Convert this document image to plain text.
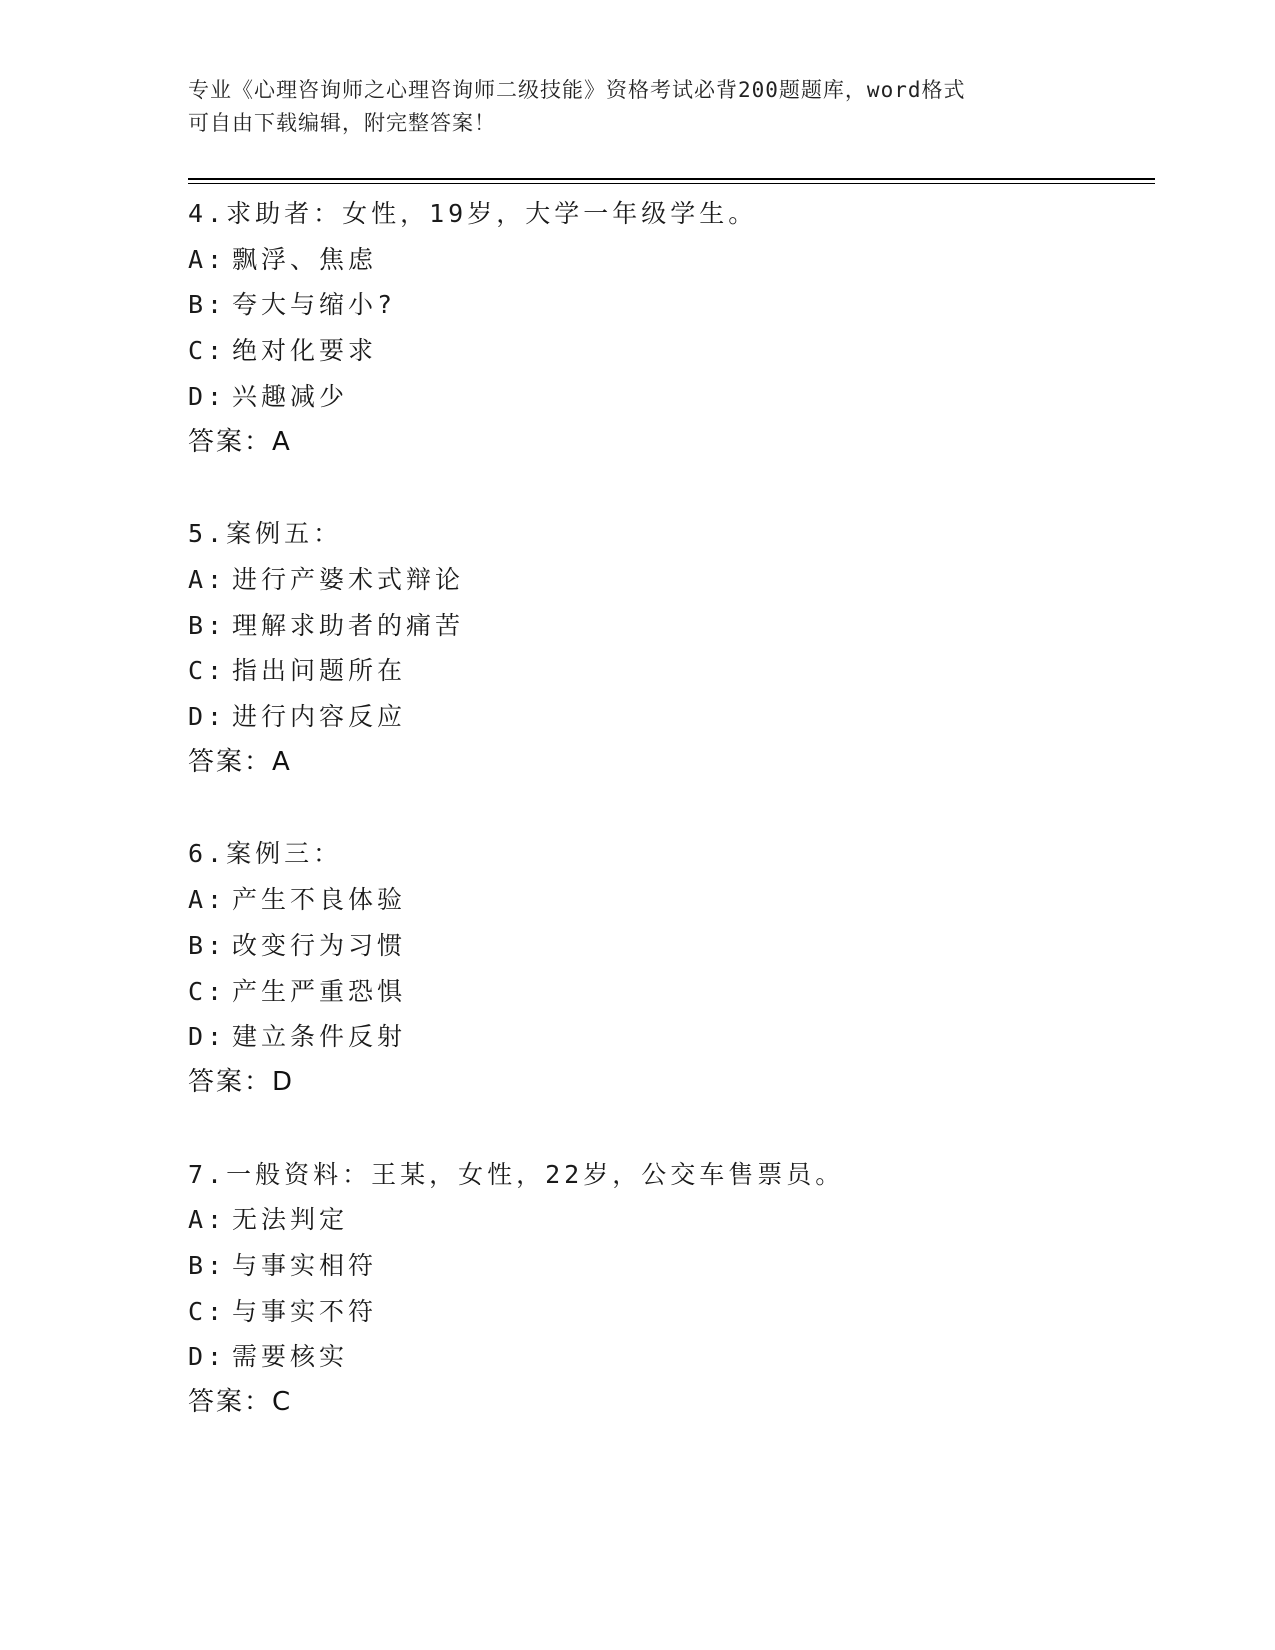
专业《心理咨询师之心理咨询师二级技能》资格考试必背200题题库，word格式
可自由下载编辑，附完整答案！
4.求助者：女性，19岁，大学一年级学生。
A: 飘浮、焦虑
B: 夸大与缩小?
C: 绝对化要求
D: 兴趣减少
答案：A
5.案例五：
A: 进行产婆术式辩论
B: 理解求助者的痛苦
C: 指出问题所在
D: 进行内容反应
答案：A
6.案例三：
A: 产生不良体验
B: 改变行为习惯
C: 产生严重恐惧
D: 建立条件反射
答案：D
7.一般资料：王某，女性，22岁，公交车售票员。
A: 无法判定
B: 与事实相符
C: 与事实不符
D: 需要核实
答案：C
